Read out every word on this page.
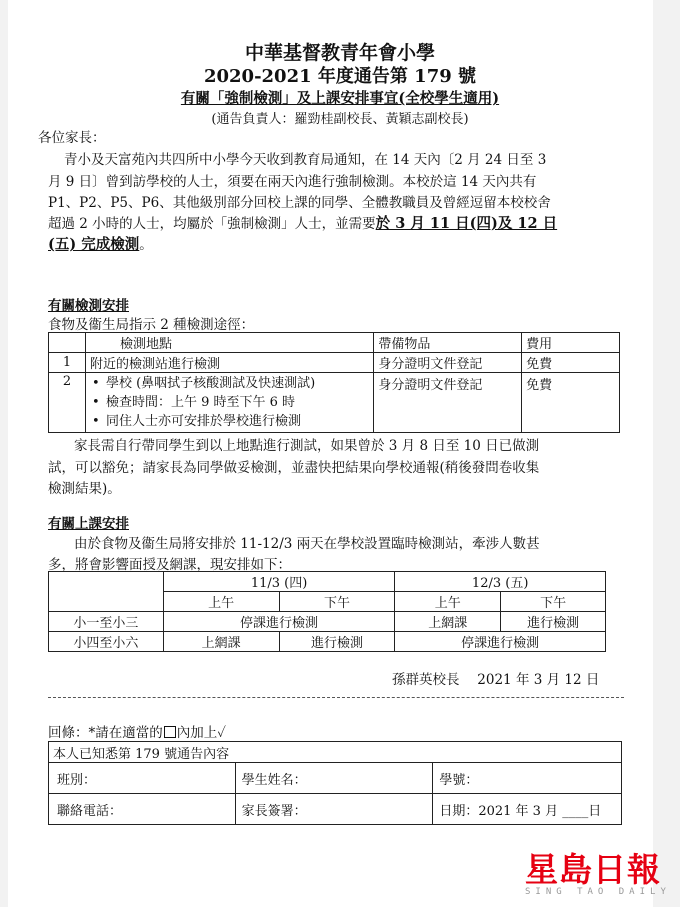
中華基督教青年會小學
2020-2021 年度通告第 179 號
有關「強制檢測」及上課安排事宜(全校學生適用)
(通告負責人：羅勁桂副校長、黃穎志副校長)
各位家長：
青小及天富苑內共四所中小學今天收到教育局通知，在 14 天內〔2 月 24 日至 3
月 9 日〕曾到訪學校的人士，須要在兩天內進行強制檢測。本校於這 14 天內共有
P1、P2、P5、P6、其他級別部分回校上課的同學、全體教職員及曾經逗留本校校舍
超過 2 小時的人士，均屬於「強制檢測」人士，並需要於 3 月 11 日(四)及 12 日
(五) 完成檢測。
有關檢測安排
食物及衞生局指示 2 種檢測途徑：
	檢測地點	帶備物品	費用
1	附近的檢測站進行檢測	身分證明文件登記	免費
2	• 學校 (鼻咽拭子核酸測試及快速測試)
• 檢查時間：上午 9 時至下午 6 時
• 同住人士亦可安排於學校進行檢測	身分證明文件登記	免費
家長需自行帶同學生到以上地點進行測試，如果曾於 3 月 8 日至 10 日已做測
試，可以豁免；請家長為同學做妥檢測，並盡快把結果向學校通報(稍後發問卷收集
檢測結果)。
有關上課安排
由於食物及衞生局將安排於 11-12/3 兩天在學校設置臨時檢測站，牽涉人數甚
多，將會影響面授及網課，現安排如下：
	11/3 (四)		12/3 (五)	
	上午	下午	上午	下午
小一至小三	停課進行檢測		上網課	進行檢測
小四至小六	上網課	進行檢測	停課進行檢測	
孫群英校長　 2021 年 3 月 12 日
回條：*請在適當的 內加上✓
本人已知悉第 179 號通告內容		
班別：	學生姓名：	學號：
聯絡電話：	家長簽署：	日期：2021 年 3 月 ____日
星島日報
SING TAO DAILY
